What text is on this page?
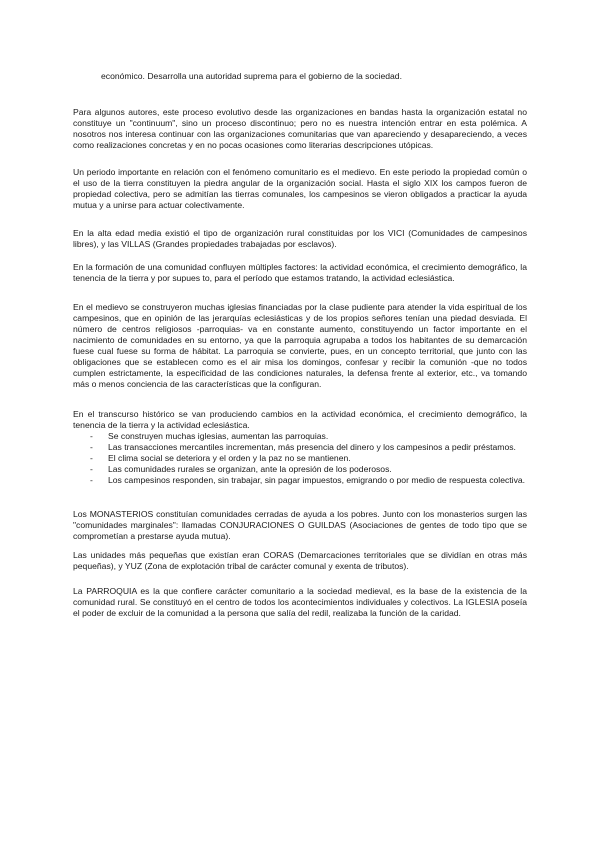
económico. Desarrolla una autoridad suprema para el gobierno de la sociedad.

Para algunos autores, este proceso evolutivo desde las organizaciones en bandas hasta la organización estatal no constituye un "continuum", sino un proceso discontinuo; pero no es nuestra intención entrar en esta polémica. A nosotros nos interesa continuar con las organizaciones comunitarias que van apareciendo y desapareciendo, a veces como realizaciones concretas y en no pocas ocasiones como literarias descripciones utópicas.

Un periodo importante en relación con el fenómeno comunitario es el medievo. En este periodo la propiedad común o el uso de la tierra constituyen la piedra angular de la organización social. Hasta el siglo XIX los campos fueron de propiedad colectiva, pero se admitían las tierras comunales, los campesinos se vieron obligados a practicar la ayuda mutua y a unirse para actuar colectivamente.

En la alta edad media existió el tipo de organización rural constituidas por los VICI (Comunidades de campesinos libres), y las VILLAS (Grandes propiedades trabajadas por esclavos).

En la formación de una comunidad confluyen múltiples factores: la actividad económica, el crecimiento demográfico, la tenencia de la tierra y por supues to, para el período que estamos tratando, la actividad eclesiástica.

En el medievo se construyeron muchas iglesias financiadas por la clase pudiente para atender la vida espiritual de los campesinos, que en opinión de las jerarquías eclesiásticas y de los propios señores tenían una piedad desviada. El número de centros religiosos -parroquias- va en constante aumento, constituyendo un factor importante en el nacimiento de comunidades en su entorno, ya que la parroquia agrupaba a todos los habitantes de su demarcación fuese cual fuese su forma de hábitat. La parroquia se convierte, pues, en un concepto territorial, que junto con las obligaciones que se establecen como es el air misa los domingos, confesar y recibir la comunión -que no todos cumplen estrictamente, la especificidad de las condiciones naturales, la defensa frente al exterior, etc., va tomando más o menos conciencia de las características que la configuran.

En el transcurso histórico se van produciendo cambios en la actividad económica, el crecimiento demográfico, la tenencia de la tierra y la actividad eclesiástica.

- Se construyen muchas iglesias, aumentan las parroquias.
- Las transacciones mercantiles incrementan, más presencia del dinero y los campesinos a pedir préstamos.
- El clima social se deteriora y el orden y la paz no se mantienen.
- Las comunidades rurales se organizan, ante la opresión de los poderosos.
- Los campesinos responden, sin trabajar, sin pagar impuestos, emigrando o por medio de respuesta colectiva.

Los MONASTERIOS constituían comunidades cerradas de ayuda a los pobres. Junto con los monasterios surgen las "comunidades marginales": llamadas CONJURACIONES O GUILDAS (Asociaciones de gentes de todo tipo que se comprometían a prestarse ayuda mutua).

Las unidades más pequeñas que existían eran CORAS (Demarcaciones territoriales que se dividían en otras más pequeñas), y YUZ (Zona de explotación tribal de carácter comunal y exenta de tributos).

La PARROQUIA es la que confiere carácter comunitario a la sociedad medieval, es la base de la existencia de la comunidad rural. Se constituyó en el centro de todos los acontecimientos individuales y colectivos. La IGLESIA poseía el poder de excluir de la comunidad a la persona que salía del redil, realizaba la función de la caridad.
